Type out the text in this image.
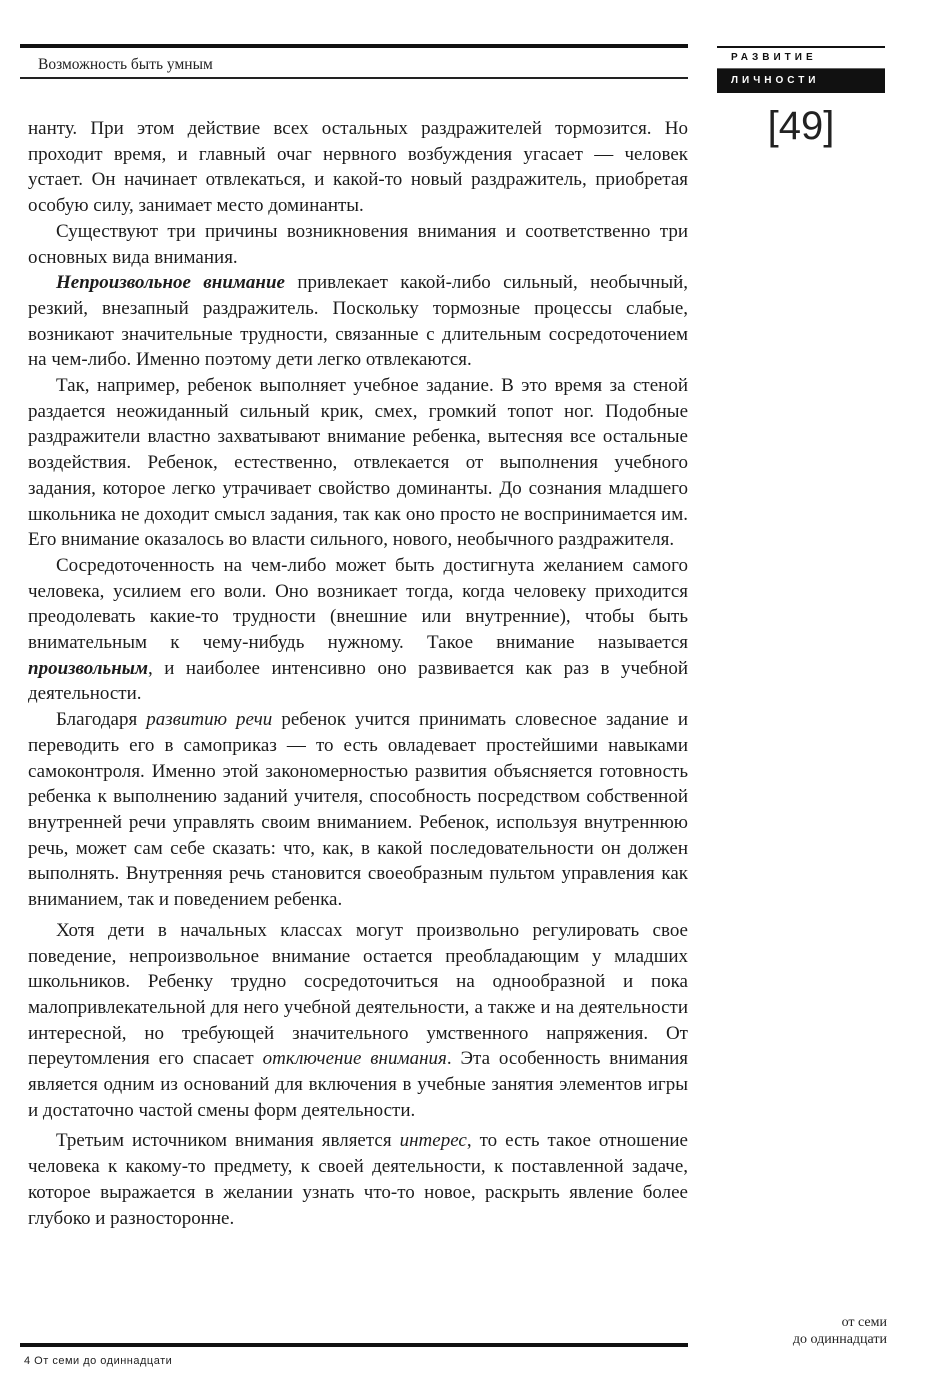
Возможность быть умным	РАЗВИТИЕ
ЛИЧНОСТИ
[49]

нанту. При этом действие всех остальных раздражителей тормозится. Но проходит время, и главный очаг нервного возбуждения угасает — человек устает. Он начинает отвлекаться, и какой-то новый раздражитель, приобретая особую силу, занимает место доминанты.

Существуют три причины возникновения внимания и соответственно три основных вида внимания.

Непроизвольное внимание привлекает какой-либо сильный, необычный, резкий, внезапный раздражитель. Поскольку тормозные процессы слабые, возникают значительные трудности, связанные с длительным сосредоточением на чем-либо. Именно поэтому дети легко отвлекаются.

Так, например, ребенок выполняет учебное задание. В это время за стеной раздается неожиданный сильный крик, смех, громкий топот ног. Подобные раздражители властно захватывают внимание ребенка, вытесняя все остальные воздействия. Ребенок, естественно, отвлекается от выполнения учебного задания, которое легко утрачивает свойство доминанты. До сознания младшего школьника не доходит смысл задания, так как оно просто не воспринимается им. Его внимание оказалось во власти сильного, нового, необычного раздражителя.

Сосредоточенность на чем-либо может быть достигнута желанием самого человека, усилием его воли. Оно возникает тогда, когда человеку приходится преодолевать какие-то трудности (внешние или внутренние), чтобы быть внимательным к чему-нибудь нужному. Такое внимание называется произвольным, и наиболее интенсивно оно развивается как раз в учебной деятельности.

Благодаря развитию речи ребенок учится принимать словесное задание и переводить его в самоприказ — то есть овладевает простейшими навыками самоконтроля. Именно этой закономерностью развития объясняется готовность ребенка к выполнению заданий учителя, способность посредством собственной внутренней речи управлять своим вниманием. Ребенок, используя внутреннюю речь, может сам себе сказать: что, как, в какой последовательности он должен выполнять. Внутренняя речь становится своеобразным пультом управления как вниманием, так и поведением ребенка.

Хотя дети в начальных классах могут произвольно регулировать свое поведение, непроизвольное внимание остается преобладающим у младших школьников. Ребенку трудно сосредоточиться на однообразной и пока малопривлекательной для него учебной деятельности, а также и на деятельности интересной, но требующей значительного умственного напряжения. От переутомления его спасает отключение внимания. Эта особенность внимания является одним из оснований для включения в учебные занятия элементов игры и достаточно частой смены форм деятельности.

Третьим источником внимания является интерес, то есть такое отношение человека к какому-то предмету, к своей деятельности, к поставленной задаче, которое выражается в желании узнать что-то новое, раскрыть явление более глубоко и разносторонне.

от семи
до одиннадцати
4 От семи до одиннадцати
